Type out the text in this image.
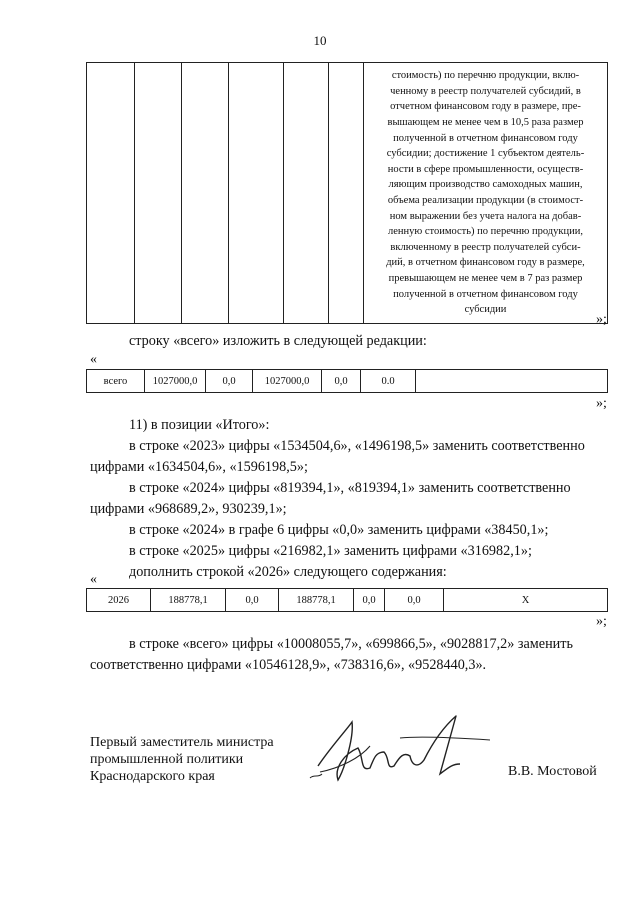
10

стоимость) по перечню продукции, вклю-
ченному в реестр получателей субсидий, в
отчетном финансовом году в размере, пре-
вышающем не менее чем в 10,5 раза размер
полученной в отчетном финансовом году
субсидии; достижение 1 субъектом деятель-
ности в сфере промышленности, осуществ-
ляющим производство самоходных машин,
объема реализации продукции (в стоимост-
ном выражении без учета налога на добав-
ленную стоимость) по перечню продукции,
включенному в реестр получателей субси-
дий, в отчетном финансовом году в размере,
превышающем не менее чем в 7 раз размер
полученной в отчетном финансовом году
субсидии
»;
строку «всего» изложить в следующей редакции:
«
всего	1027000,0	0,0	1027000,0	0,0	0.0	
»;
11) в позиции «Итого»:
в строке «2023» цифры «1534504,6», «1496198,5» заменить соответственно
цифрами «1634504,6», «1596198,5»;
в строке «2024» цифры «819394,1», «819394,1» заменить соответственно
цифрами «968689,2», 930239,1»;
в строке «2024» в графе 6 цифры «0,0» заменить цифрами «38450,1»;
в строке «2025» цифры «216982,1» заменить цифрами «316982,1»;
дополнить строкой «2026» следующего содержания:
«
2026	188778,1	0,0	188778,1	0,0	0,0	Х
»;
в строке «всего» цифры «10008055,7», «699866,5», «9028817,2» заменить
соответственно цифрами «10546128,9», «738316,6», «9528440,3».
Первый заместитель министра
промышленной политики
Краснодарского края	В.В. Мостовой
